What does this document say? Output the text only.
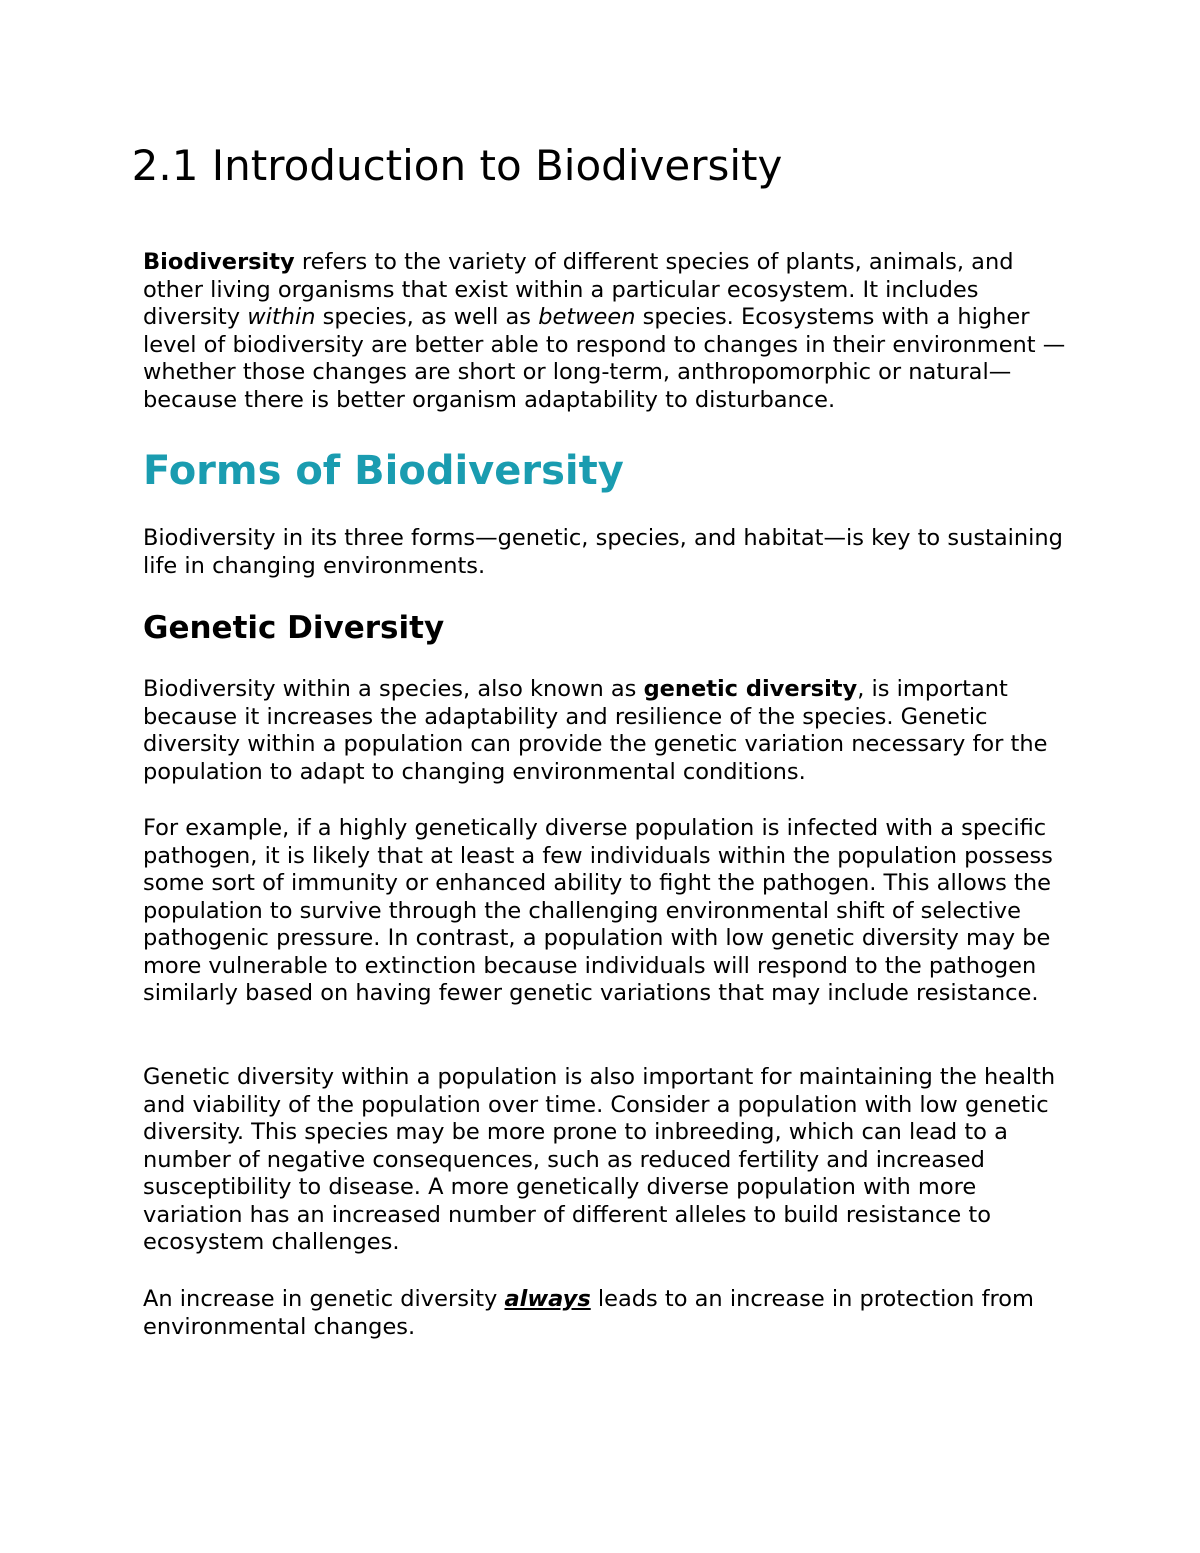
2.1 Introduction to Biodiversity

Biodiversity refers to the variety of different species of plants, animals, and other living organisms that exist within a particular ecosystem. It includes diversity within species, as well as between species. Ecosystems with a higher level of biodiversity are better able to respond to changes in their environment —whether those changes are short or long-term, anthropomorphic or natural— because there is better organism adaptability to disturbance.

Forms of Biodiversity

Biodiversity in its three forms—genetic, species, and habitat—is key to sustaining life in changing environments.

Genetic Diversity

Biodiversity within a species, also known as genetic diversity, is important because it increases the adaptability and resilience of the species. Genetic diversity within a population can provide the genetic variation necessary for the population to adapt to changing environmental conditions.

For example, if a highly genetically diverse population is infected with a specific pathogen, it is likely that at least a few individuals within the population possess some sort of immunity or enhanced ability to fight the pathogen. This allows the population to survive through the challenging environmental shift of selective pathogenic pressure. In contrast, a population with low genetic diversity may be more vulnerable to extinction because individuals will respond to the pathogen similarly based on having fewer genetic variations that may include resistance.

Genetic diversity within a population is also important for maintaining the health and viability of the population over time. Consider a population with low genetic diversity. This species may be more prone to inbreeding, which can lead to a number of negative consequences, such as reduced fertility and increased susceptibility to disease. A more genetically diverse population with more variation has an increased number of different alleles to build resistance to ecosystem challenges.

An increase in genetic diversity always leads to an increase in protection from environmental changes.
